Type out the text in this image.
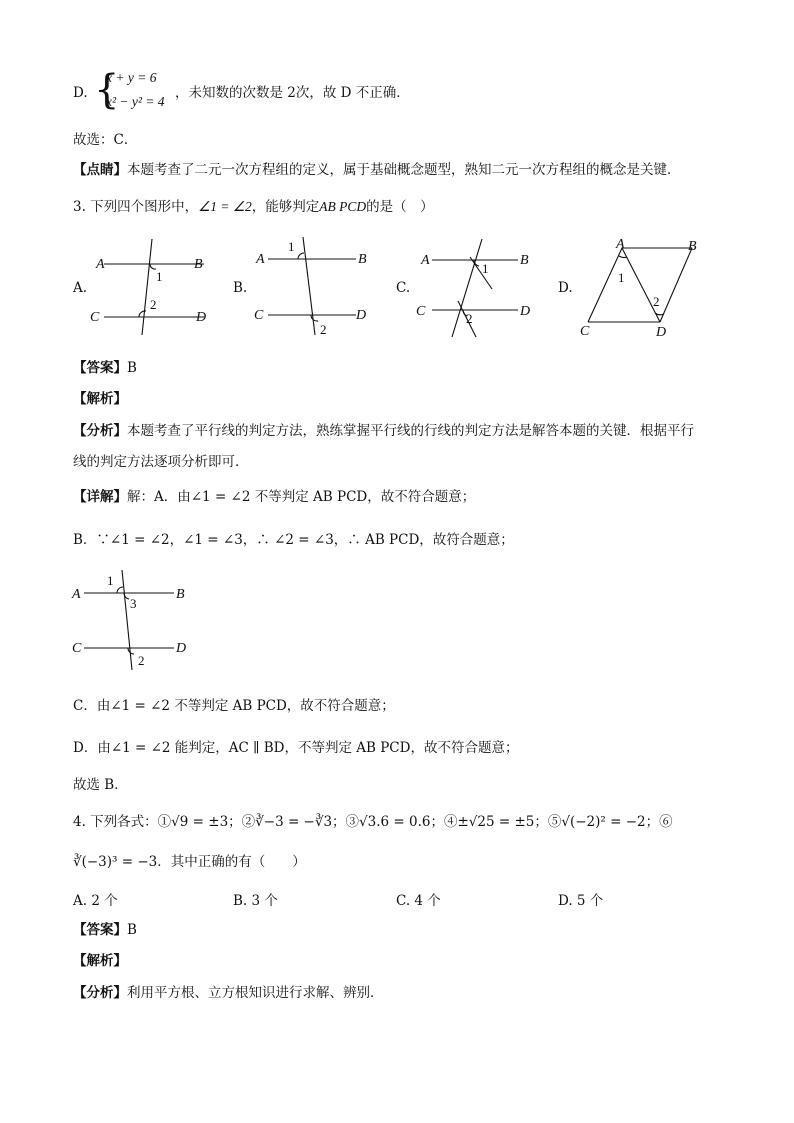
D. {
x + y = 6
x² − y² = 4
，未知数的次数是 2次，故 D 不正确．
故选：C．
【点睛】本题考查了二元一次方程组的定义，属于基础概念题型，熟知二元一次方程组的概念是关键．
3. 下列四个图形中，∠1 = ∠2，能够判定AB PCD的是（　）
A.	B.	C.	D.
A	B
C	D
1
2
A	B
C	D
1
2
A	B
C	D
1
2
A	B
C	D
1
2
【答案】B
【解析】
【分析】本题考查了平行线的判定方法，熟练掌握平行线的行线的判定方法是解答本题的关键．根据平行
线的判定方法逐项分析即可．
【详解】解：A．由∠1 = ∠2 不等判定 AB PCD，故不符合题意；
B．∵∠1 = ∠2，∠1 = ∠3，∴ ∠2 = ∠3，∴ AB PCD，故符合题意；
A	B
C	D
1
3
2
C．由∠1 = ∠2 不等判定 AB PCD，故不符合题意；
D．由∠1 = ∠2 能判定，AC ∥ BD，不等判定 AB PCD，故不符合题意；
故选 B．
4. 下列各式：①√9 = ±3；②∛−3 = −∛3；③√3.6 = 0.6；④±√25 = ±5；⑤√(−2)² = −2；⑥
∛(−3)³ = −3．其中正确的有（　　）
A. 2 个	B. 3 个	C. 4 个	D. 5 个
【答案】B
【解析】
【分析】利用平方根、立方根知识进行求解、辨别．
